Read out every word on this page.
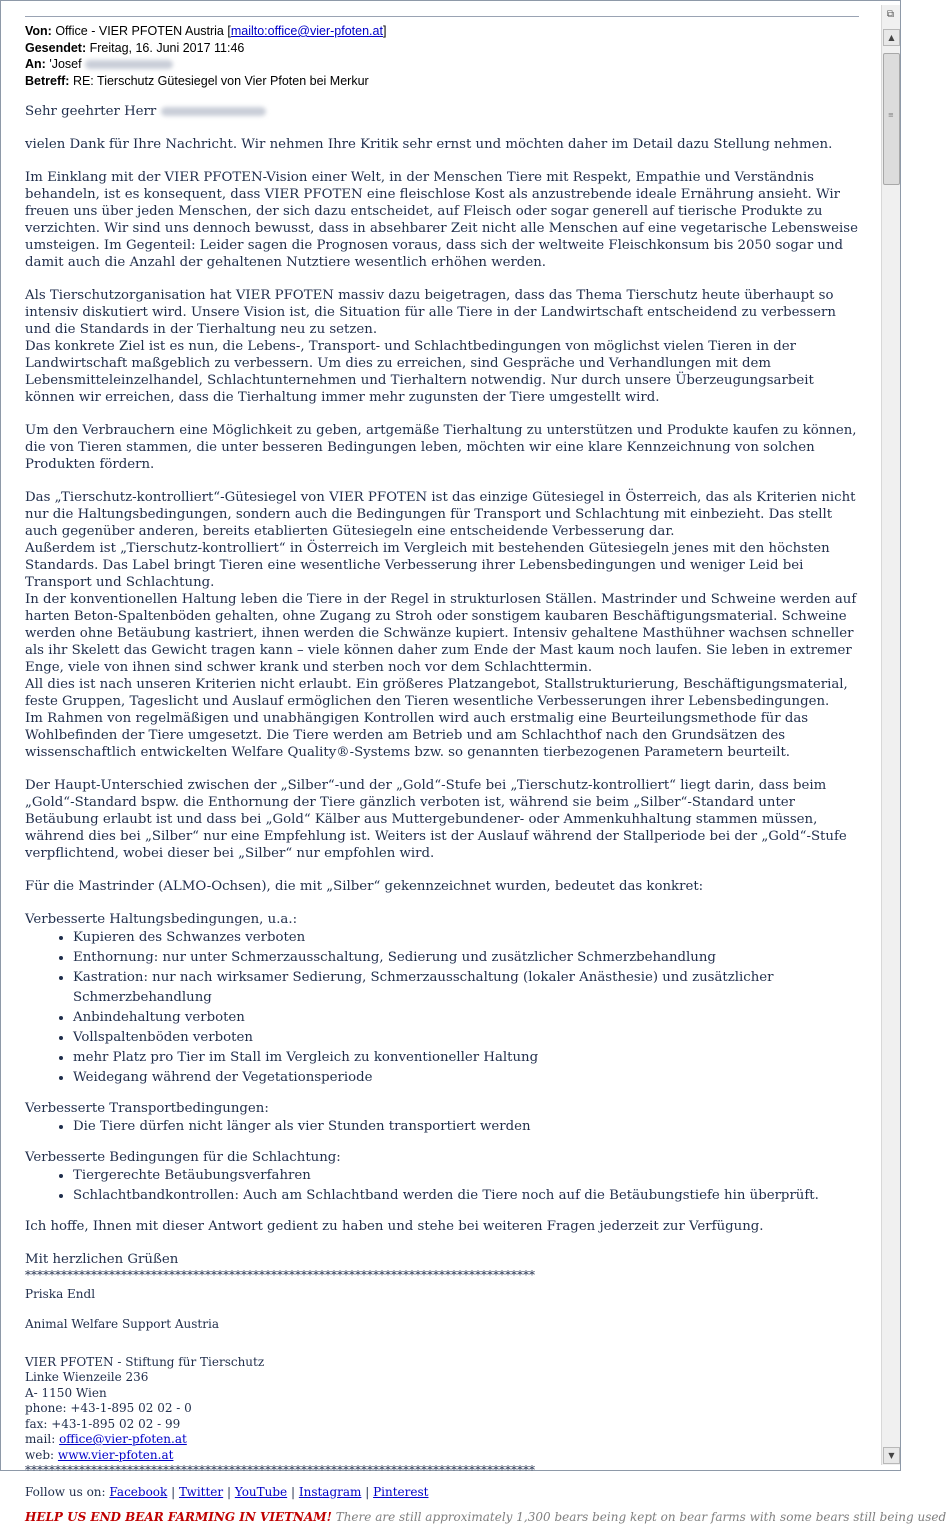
Von: Office - VIER PFOTEN Austria [mailto:office@vier-pfoten.at]
Gesendet: Freitag, 16. Juni 2017 11:46
An: 'Josef
Betreff: RE: Tierschutz Gütesiegel von Vier Pfoten bei Merkur

Sehr geehrter Herr

vielen Dank für Ihre Nachricht. Wir nehmen Ihre Kritik sehr ernst und möchten daher im Detail dazu Stellung nehmen.

Im Einklang mit der VIER PFOTEN-Vision einer Welt, in der Menschen Tiere mit Respekt, Empathie und Verständnis behandeln, ist es konsequent, dass VIER PFOTEN eine fleischlose Kost als anzustrebende ideale Ernährung ansieht. Wir freuen uns über jeden Menschen, der sich dazu entscheidet, auf Fleisch oder sogar generell auf tierische Produkte zu verzichten. Wir sind uns dennoch bewusst, dass in absehbarer Zeit nicht alle Menschen auf eine vegetarische Lebensweise umsteigen. Im Gegenteil: Leider sagen die Prognosen voraus, dass sich der weltweite Fleischkonsum bis 2050 sogar und damit auch die Anzahl der gehaltenen Nutztiere wesentlich erhöhen werden.

Als Tierschutzorganisation hat VIER PFOTEN massiv dazu beigetragen, dass das Thema Tierschutz heute überhaupt so intensiv diskutiert wird. Unsere Vision ist, die Situation für alle Tiere in der Landwirtschaft entscheidend zu verbessern und die Standards in der Tierhaltung neu zu setzen.
Das konkrete Ziel ist es nun, die Lebens-, Transport- und Schlachtbedingungen von möglichst vielen Tieren in der Landwirtschaft maßgeblich zu verbessern. Um dies zu erreichen, sind Gespräche und Verhandlungen mit dem Lebensmitteleinzelhandel, Schlachtunternehmen und Tierhaltern notwendig. Nur durch unsere Überzeugungsarbeit können wir erreichen, dass die Tierhaltung immer mehr zugunsten der Tiere umgestellt wird.

Um den Verbrauchern eine Möglichkeit zu geben, artgemäße Tierhaltung zu unterstützen und Produkte kaufen zu können, die von Tieren stammen, die unter besseren Bedingungen leben, möchten wir eine klare Kennzeichnung von solchen Produkten fördern.

Das „Tierschutz-kontrolliert“-Gütesiegel von VIER PFOTEN ist das einzige Gütesiegel in Österreich, das als Kriterien nicht nur die Haltungsbedingungen, sondern auch die Bedingungen für Transport und Schlachtung mit einbezieht. Das stellt auch gegenüber anderen, bereits etablierten Gütesiegeln eine entscheidende Verbesserung dar.
Außerdem ist „Tierschutz-kontrolliert“ in Österreich im Vergleich mit bestehenden Gütesiegeln jenes mit den höchsten Standards. Das Label bringt Tieren eine wesentliche Verbesserung ihrer Lebensbedingungen und weniger Leid bei Transport und Schlachtung.
In der konventionellen Haltung leben die Tiere in der Regel in strukturlosen Ställen. Mastrinder und Schweine werden auf harten Beton-Spaltenböden gehalten, ohne Zugang zu Stroh oder sonstigem kaubaren Beschäftigungsmaterial. Schweine werden ohne Betäubung kastriert, ihnen werden die Schwänze kupiert. Intensiv gehaltene Masthühner wachsen schneller als ihr Skelett das Gewicht tragen kann – viele können daher zum Ende der Mast kaum noch laufen. Sie leben in extremer Enge, viele von ihnen sind schwer krank und sterben noch vor dem Schlachttermin.
All dies ist nach unseren Kriterien nicht erlaubt. Ein größeres Platzangebot, Stallstrukturierung, Beschäftigungsmaterial, feste Gruppen, Tageslicht und Auslauf ermöglichen den Tieren wesentliche Verbesserungen ihrer Lebensbedingungen.
Im Rahmen von regelmäßigen und unabhängigen Kontrollen wird auch erstmalig eine Beurteilungsmethode für das Wohlbefinden der Tiere umgesetzt. Die Tiere werden am Betrieb und am Schlachthof nach den Grundsätzen des wissenschaftlich entwickelten Welfare Quality®-Systems bzw. so genannten tierbezogenen Parametern beurteilt.

Der Haupt-Unterschied zwischen der „Silber“-und der „Gold“-Stufe bei „Tierschutz-kontrolliert“ liegt darin, dass beim „Gold“-Standard bspw. die Enthornung der Tiere gänzlich verboten ist, während sie beim „Silber“-Standard unter Betäubung erlaubt ist und dass bei „Gold“ Kälber aus Muttergebundener- oder Ammenkuhhaltung stammen müssen, während dies bei „Silber“ nur eine Empfehlung ist. Weiters ist der Auslauf während der Stallperiode bei der „Gold“-Stufe verpflichtend, wobei dieser bei „Silber“ nur empfohlen wird.

Für die Mastrinder (ALMO-Ochsen), die mit „Silber“ gekennzeichnet wurden, bedeutet das konkret:

Verbesserte Haltungsbedingungen, u.a.:
• Kupieren des Schwanzes verboten
• Enthornung: nur unter Schmerzausschaltung, Sedierung und zusätzlicher Schmerzbehandlung
• Kastration: nur nach wirksamer Sedierung, Schmerzausschaltung (lokaler Anästhesie) und zusätzlicher Schmerzbehandlung
• Anbindehaltung verboten
• Vollspaltenböden verboten
• mehr Platz pro Tier im Stall im Vergleich zu konventioneller Haltung
• Weidegang während der Vegetationsperiode
Verbesserte Transportbedingungen:
• Die Tiere dürfen nicht länger als vier Stunden transportiert werden
Verbesserte Bedingungen für die Schlachtung:
• Tiergerechte Betäubungsverfahren
• Schlachtbandkontrollen: Auch am Schlachtband werden die Tiere noch auf die Betäubungstiefe hin überprüft.

Ich hoffe, Ihnen mit dieser Antwort gedient zu haben und stehe bei weiteren Fragen jederzeit zur Verfügung.

Mit herzlichen Grüßen
*************************************************************************************

Priska Endl

Animal Welfare Support Austria

VIER PFOTEN - Stiftung für Tierschutz

Linke Wienzeile 236

A- 1150 Wien

phone: +43-1-895 02 02 - 0

fax: +43-1-895 02 02 - 99

mail: office@vier-pfoten.at

web: www.vier-pfoten.at

*************************************************************************************

Follow us on: Facebook | Twitter | YouTube | Instagram | Pinterest

HELP US END BEAR FARMING IN VIETNAM! There are still approximately 1,300 bears being kept on bear farms with some bears still being used

⧉
▲
≡
▼
